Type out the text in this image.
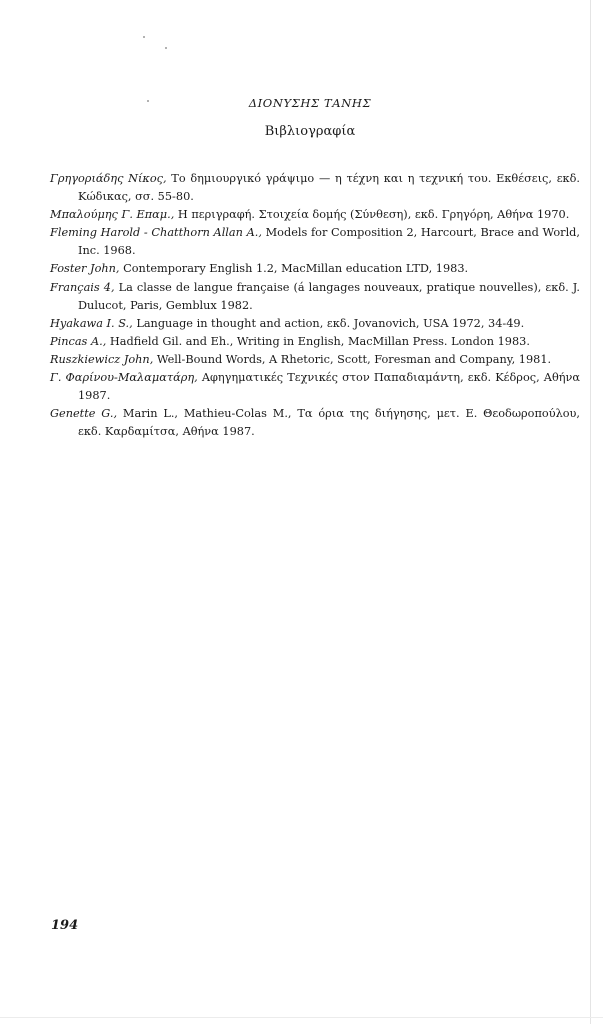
ΔΙΟΝΥΣΗΣ ΤΑΝΗΣ
Βιβλιογραφία
Γρηγοριάδης Νίκος, Το δημιουργικό γράψιμο — η τέχνη και η τεχνική του. Εκθέσεις, εκδ. Κώδικας, σσ. 55-80.
Μπαλούμης Γ. Επαμ., Η περιγραφή. Στοιχεία δομής (Σύνθεση), εκδ. Γρηγόρη, Αθήνα 1970.
Fleming Harold - Chatthorn Allan A., Models for Composition 2, Harcourt, Brace and World, Inc. 1968.
Foster John, Contemporary English 1.2, MacMillan education LTD, 1983.
Français 4, La classe de langue française (á langages nouveaux, pratique nouvelles), εκδ. J. Dulucot, Paris, Gemblux 1982.
Hyakawa I. S., Language in thought and action, εκδ. Jovanovich, USA 1972, 34-49.
Pincas A., Hadfield Gil. and Eh., Writing in English, MacMillan Press. London 1983.
Ruszkiewicz John, Well-Bound Words, A Rhetoric, Scott, Foresman and Company, 1981.
Γ. Φαρίνου-Μαλαματάρη, Αφηγηματικές Τεχνικές στον Παπαδιαμάντη, εκδ. Κέδρος, Αθήνα 1987.
Genette G., Marin L., Mathieu-Colas M., Τα όρια της διήγησης, μετ. Ε. Θεοδωροπούλου, εκδ. Καρδαμίτσα, Αθήνα 1987.
194
